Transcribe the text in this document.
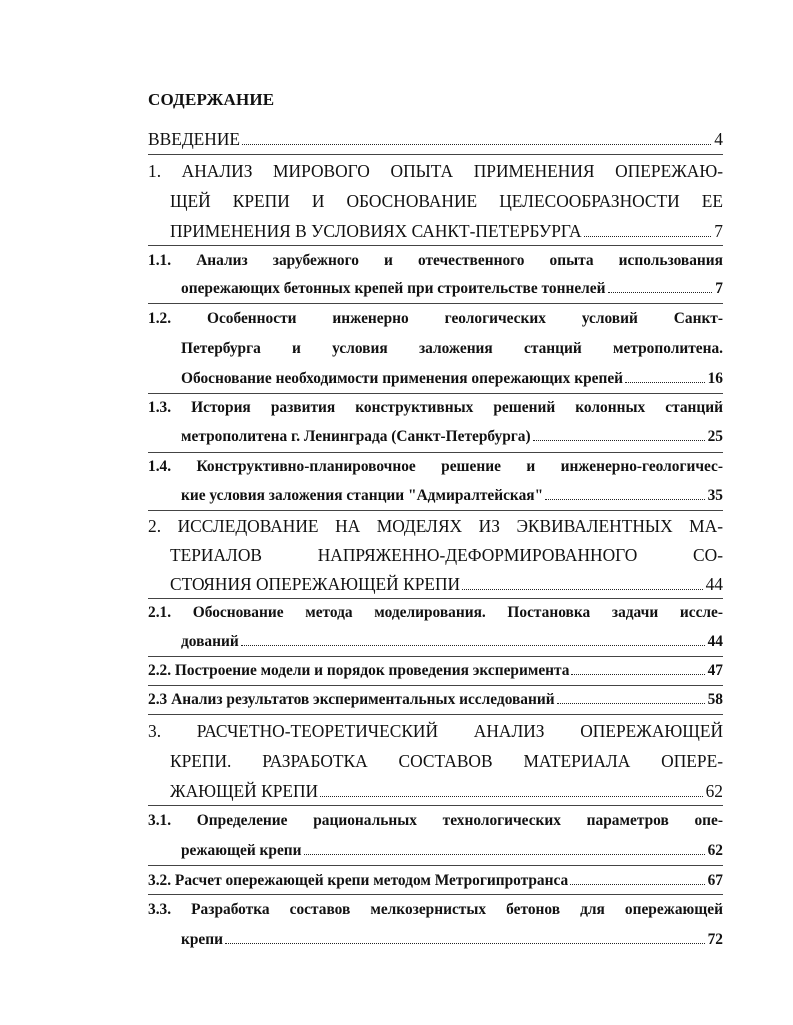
СОДЕРЖАНИЕ
ВВЕДЕНИЕ	4
1. АНАЛИЗ МИРОВОГО ОПЫТА ПРИМЕНЕНИЯ ОПЕРЕЖАЮ-
ЩЕЙ КРЕПИ И ОБОСНОВАНИЕ ЦЕЛЕСООБРАЗНОСТИ ЕЕ
ПРИМЕНЕНИЯ В УСЛОВИЯХ САНКТ-ПЕТЕРБУРГА	7
1.1. Анализ зарубежного и отечественного опыта использования
опережающих бетонных крепей при строительстве тоннелей	7
1.2. Особенности инженерно геологических условий Санкт-
Петербурга и условия заложения станций метрополитена.
Обоснование необходимости применения опережающих крепей	16
1.3. История развития конструктивных решений колонных станций
метрополитена г. Ленинграда (Санкт-Петербурга)	25
1.4. Конструктивно-планировочное решение и инженерно-геологичес-
кие условия заложения станции "Адмиралтейская"	35
2. ИССЛЕДОВАНИЕ НА МОДЕЛЯХ ИЗ ЭКВИВАЛЕНТНЫХ МА-
ТЕРИАЛОВ НАПРЯЖЕННО-ДЕФОРМИРОВАННОГО СО-
СТОЯНИЯ ОПЕРЕЖАЮЩЕЙ КРЕПИ	44
2.1. Обоснование метода моделирования. Постановка задачи иссле-
дований	44
2.2. Построение модели и порядок проведения эксперимента	47
2.3 Анализ результатов экспериментальных исследований	58
3. РАСЧЕТНО-ТЕОРЕТИЧЕСКИЙ АНАЛИЗ ОПЕРЕЖАЮЩЕЙ
КРЕПИ. РАЗРАБОТКА СОСТАВОВ МАТЕРИАЛА ОПЕРЕ-
ЖАЮЩЕЙ КРЕПИ	62
3.1. Определение рациональных технологических параметров опе-
режающей крепи	62
3.2. Расчет опережающей крепи методом Метрогипротранса	67
3.3. Разработка составов мелкозернистых бетонов для опережающей
крепи	72
